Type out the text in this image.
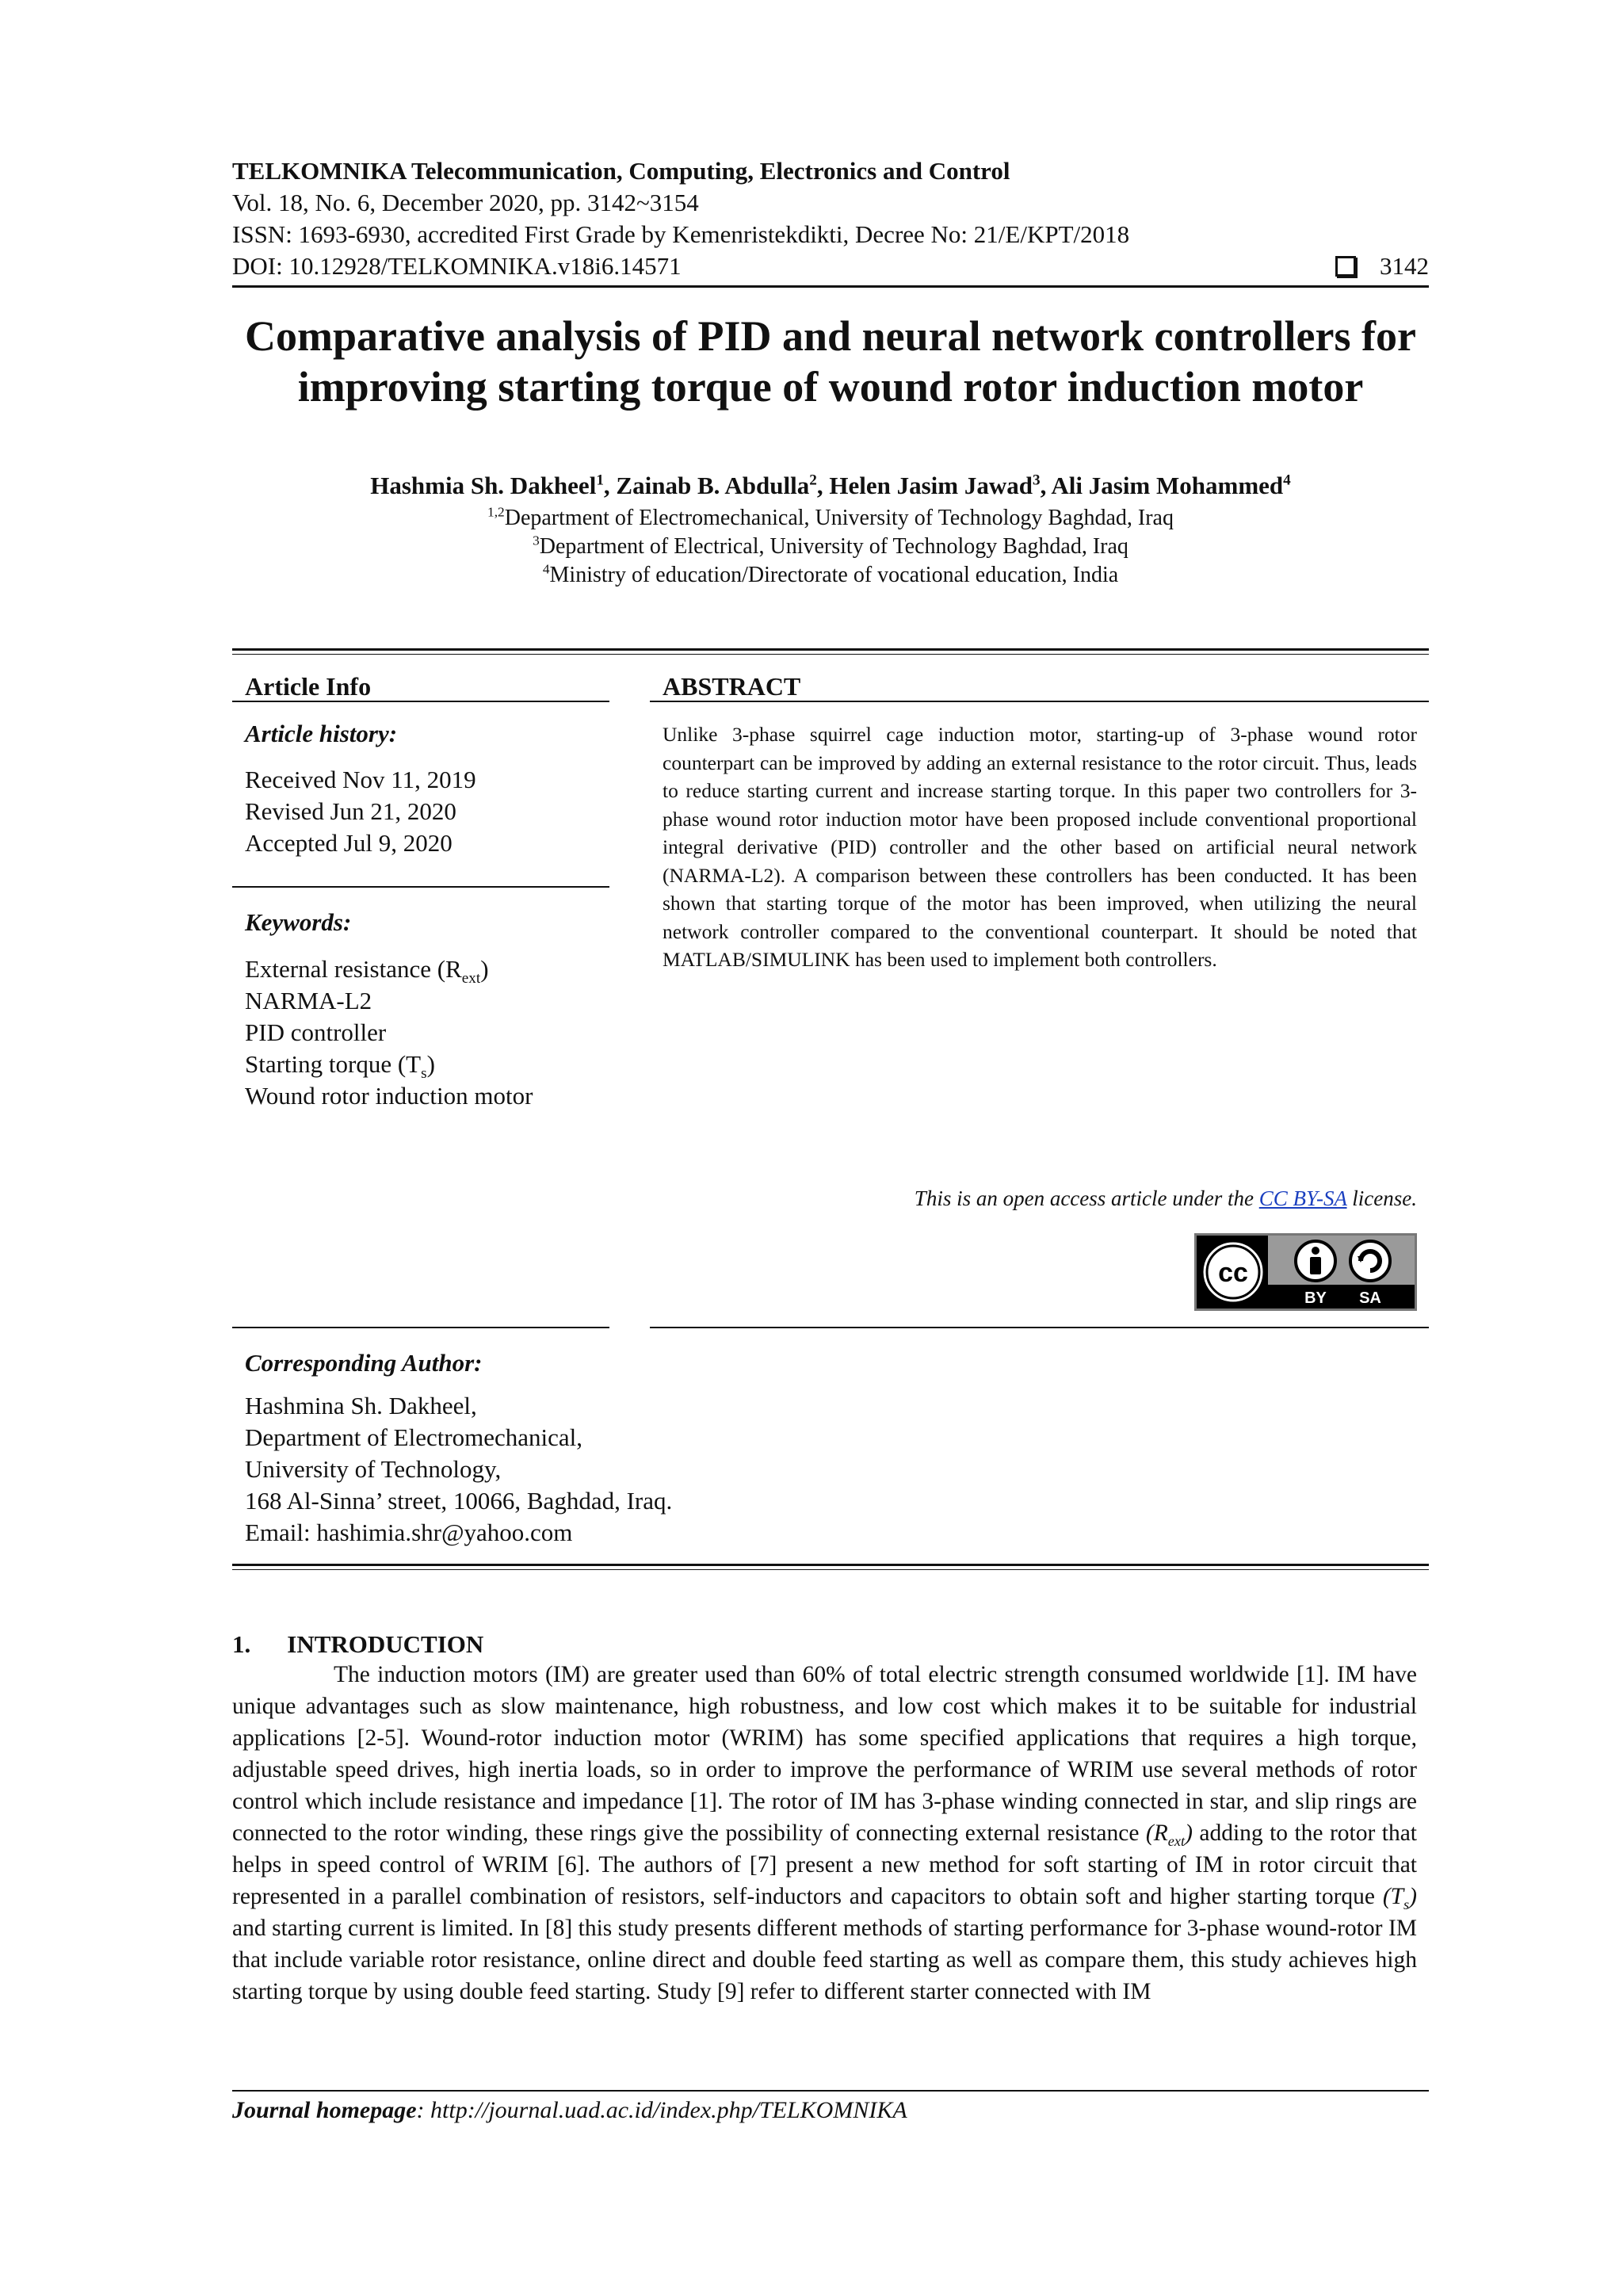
TELKOMNIKA Telecommunication, Computing, Electronics and Control
Vol. 18, No. 6, December 2020, pp. 3142~3154
ISSN: 1693-6930, accredited First Grade by Kemenristekdikti, Decree No: 21/E/KPT/2018
DOI: 10.12928/TELKOMNIKA.v18i6.14571	3142
Comparative analysis of PID and neural network controllers for improving starting torque of wound rotor induction motor
Hashmia Sh. Dakheel$^1$, Zainab B. Abdulla$^2$, Helen Jasim Jawad$^3$, Ali Jasim Mohammed$^4$
$^{1,2}$Department of Electromechanical, University of Technology Baghdad, Iraq
$^3$Department of Electrical, University of Technology Baghdad, Iraq
$^4$Ministry of education/Directorate of vocational education, India
Article Info	ABSTRACT
Article history:
Received Nov 11, 2019
Revised Jun 21, 2020
Accepted Jul 9, 2020
Keywords:
External resistance $(R_{ext})$
NARMA-L2
PID controller
Starting torque $(T_s)$
Wound rotor induction motor
Unlike 3-phase squirrel cage induction motor, starting-up of 3-phase wound rotor counterpart can be improved by adding an external resistance to the rotor circuit. Thus, leads to reduce starting current and increase starting torque. In this paper two controllers for 3-phase wound rotor induction motor have been proposed include conventional proportional integral derivative (PID) controller and the other based on artificial neural network (NARMA-L2). A comparison between these controllers has been conducted. It has been shown that starting torque of the motor has been improved, when utilizing the neural network controller compared to the conventional counterpart. It should be noted that MATLAB/SIMULINK has been used to implement both controllers.
This is an open access article under the CC BY-SA license.
cc
BY SA
Corresponding Author:
Hashmina Sh. Dakheel,
Department of Electromechanical,
University of Technology,
168 Al-Sinna’ street, 10066, Baghdad, Iraq.
Email: hashimia.shr@yahoo.com
1. INTRODUCTION
The induction motors (IM) are greater used than 60% of total electric strength consumed worldwide [1]. IM have unique advantages such as slow maintenance, high robustness, and low cost which makes it to be suitable for industrial applications [2-5]. Wound-rotor induction motor (WRIM) has some specified applications that requires a high torque, adjustable speed drives, high inertia loads, so in order to improve the performance of WRIM use several methods of rotor control which include resistance and impedance [1]. The rotor of IM has 3-phase winding connected in star, and slip rings are connected to the rotor winding, these rings give the possibility of connecting external resistance $(R_{ext})$ adding to the rotor that helps in speed control of WRIM [6]. The authors of [7] present a new method for soft starting of IM in rotor circuit that represented in a parallel combination of resistors, self-inductors and capacitors to obtain soft and higher starting torque $(T_s)$ and starting current is limited. In [8] this study presents different methods of starting performance for 3-phase wound-rotor IM that include variable rotor resistance, online direct and double feed starting as well as compare them, this study achieves high starting torque by using double feed starting. Study [9] refer to different starter connected with IM
Journal homepage: http://journal.uad.ac.id/index.php/TELKOMNIKA
